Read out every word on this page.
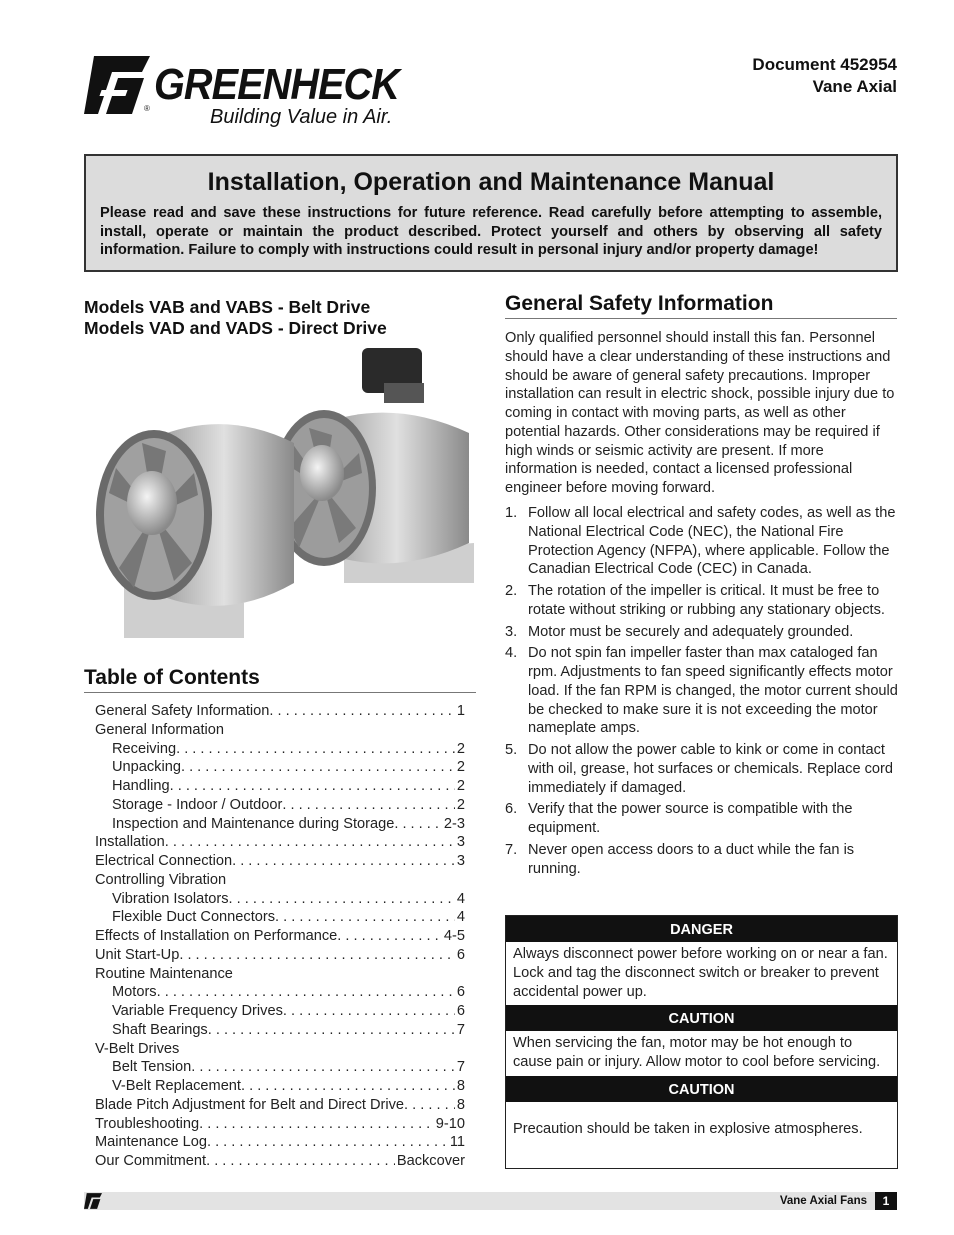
® GREENHECK
Building Value in Air.
Document 452954
Vane Axial
Installation, Operation and Maintenance Manual

Please read and save these instructions for future reference. Read carefully before attempting to assemble, install, operate or maintain the product described. Protect yourself and others by observing all safety information. Failure to comply with instructions could result in personal injury and/or property damage!

Models VAB and VABS - Belt Drive
Models VAD and VADS - Direct Drive
Table of Contents
General Safety Information . . .	1
General Information
Receiving . . .	2
Unpacking . . .	2
Handling . . .	2
Storage - Indoor / Outdoor . . .	2
Inspection and Maintenance during Storage . . .	2-3
Installation . . .	3
Electrical Connection . . .	3
Controlling Vibration
Vibration Isolators . . .	4
Flexible Duct Connectors . . .	4
Effects of Installation on Performance . . .	4-5
Unit Start-Up . . .	6
Routine Maintenance
Motors . . .	6
Variable Frequency Drives . . .	6
Shaft Bearings . . .	7
V-Belt Drives
Belt Tension . . .	7
V-Belt Replacement . . .	8
Blade Pitch Adjustment for Belt and Direct Drive . . .	8
Troubleshooting . . .	9-10
Maintenance Log . . .	11
Our Commitment . . .	Backcover
General Safety Information

Only qualified personnel should install this fan. Personnel should have a clear understanding of these instructions and should be aware of general safety precautions. Improper installation can result in electric shock, possible injury due to coming in contact with moving parts, as well as other potential hazards. Other considerations may be required if high winds or seismic activity are present. If more information is needed, contact a licensed professional engineer before moving forward.

1. Follow all local electrical and safety codes, as well as the National Electrical Code (NEC), the National Fire Protection Agency (NFPA), where applicable. Follow the Canadian Electrical Code (CEC) in Canada.
2. The rotation of the impeller is critical. It must be free to rotate without striking or rubbing any stationary objects.
3. Motor must be securely and adequately grounded.
4. Do not spin fan impeller faster than max cataloged fan rpm. Adjustments to fan speed significantly effects motor load. If the fan RPM is changed, the motor current should be checked to make sure it is not exceeding the motor nameplate amps.
5. Do not allow the power cable to kink or come in contact with oil, grease, hot surfaces or chemicals. Replace cord immediately if damaged.
6. Verify that the power source is compatible with the equipment.
7. Never open access doors to a duct while the fan is running.
DANGER
Always disconnect power before working on or near a fan. Lock and tag the disconnect switch or breaker to prevent accidental power up.
CAUTION
When servicing the fan, motor may be hot enough to cause pain or injury. Allow motor to cool before servicing.
CAUTION
Precaution should be taken in explosive atmospheres.
Vane Axial Fans	1
